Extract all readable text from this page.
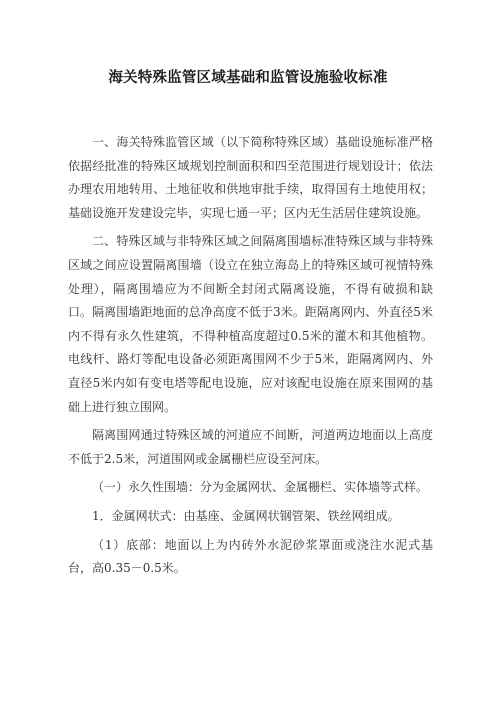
海关特殊监管区域基础和监管设施验收标准

一、海关特殊监管区域（以下简称特殊区域）基础设施标准严格依据经批准的特殊区域规划控制面积和四至范围进行规划设计；依法办理农用地转用、土地征收和供地审批手续，取得国有土地使用权；基础设施开发建设完毕，实现七通一平；区内无生活居住建筑设施。

二、特殊区域与非特殊区域之间隔离围墙标准特殊区域与非特殊区域之间应设置隔离围墙（设立在独立海岛上的特殊区域可视情特殊处理），隔离围墙应为不间断全封闭式隔离设施，不得有破损和缺口。隔离围墙距地面的总净高度不低于3米。距隔离网内、外直径5米内不得有永久性建筑，不得种植高度超过0.5米的灌木和其他植物。电线杆、路灯等配电设备必须距离围网不少于5米，距隔离网内、外直径5米内如有变电塔等配电设施，应对该配电设施在原来围网的基础上进行独立围网。

隔离围网通过特殊区域的河道应不间断，河道两边地面以上高度不低于2.5米，河道围网或金属栅栏应设至河床。

（一）永久性围墙：分为金属网状、金属栅栏、实体墙等式样。

1．金属网状式：由基座、金属网状钢管架、铁丝网组成。

（1）底部：地面以上为内砖外水泥砂浆罩面或浇注水泥式基台，高0.35－0.5米。
